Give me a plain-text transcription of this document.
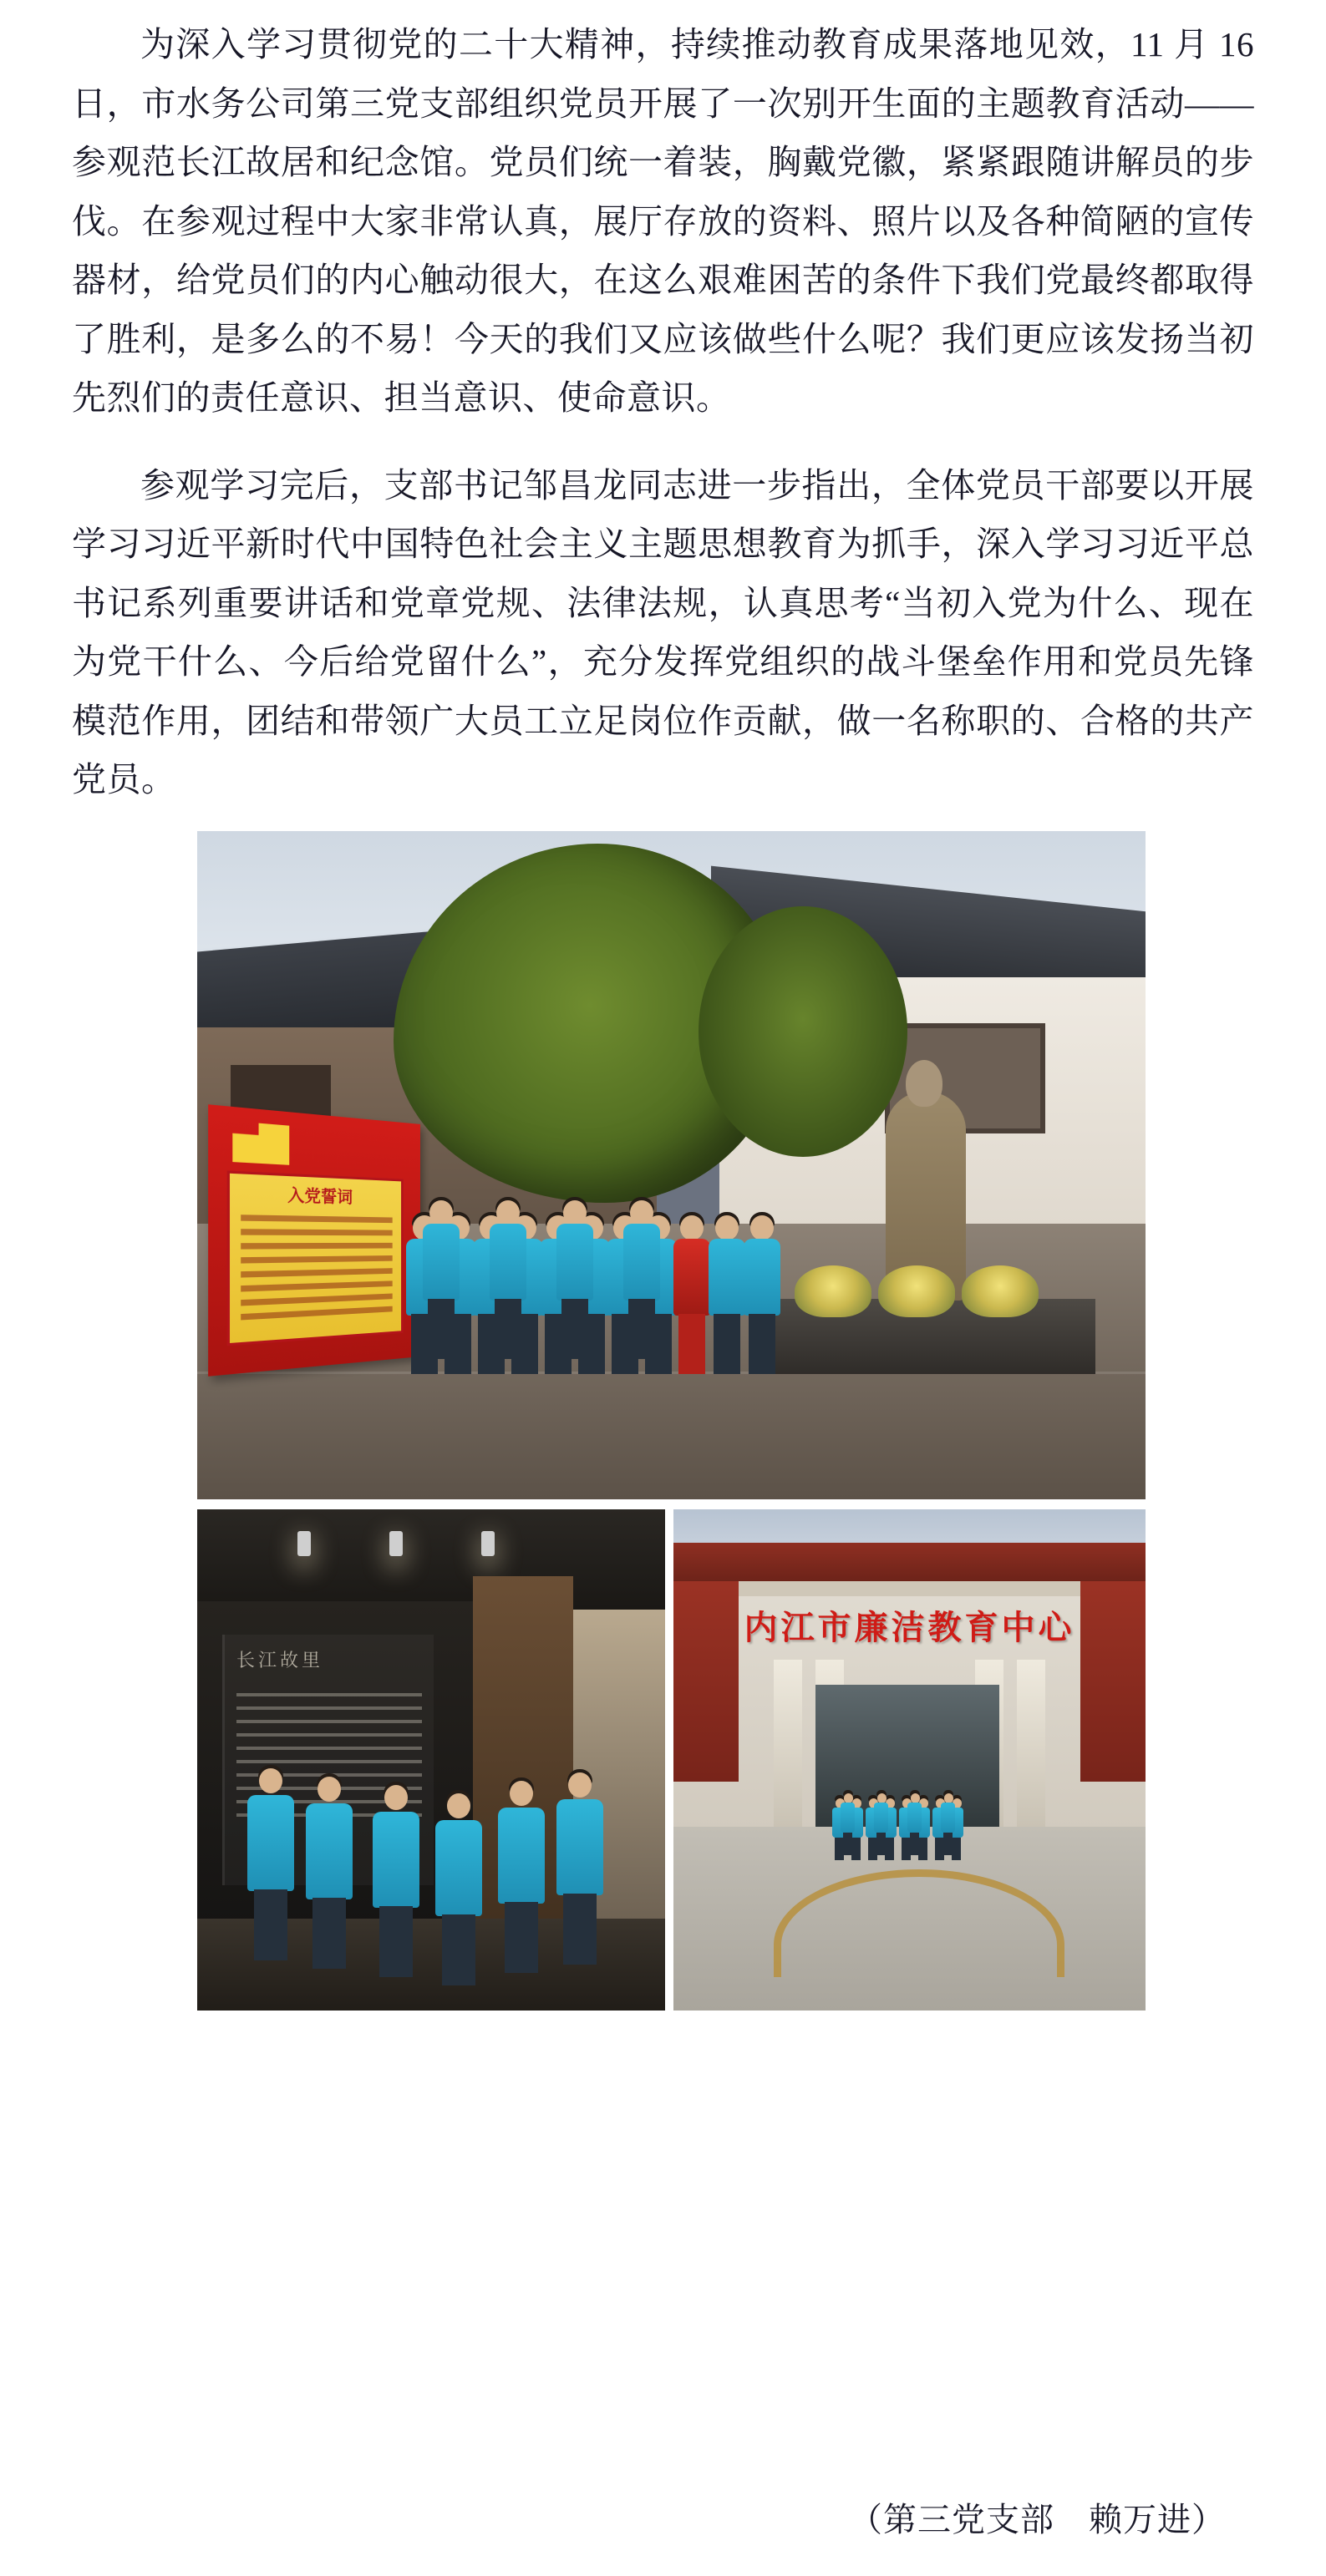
为深入学习贯彻党的二十大精神，持续推动教育成果落地见效，11 月 16 日，市水务公司第三党支部组织党员开展了一次别开生面的主题教育活动——参观范长江故居和纪念馆。党员们统一着装，胸戴党徽，紧紧跟随讲解员的步伐。在参观过程中大家非常认真，展厅存放的资料、照片以及各种简陋的宣传器材，给党员们的内心触动很大，在这么艰难困苦的条件下我们党最终都取得了胜利，是多么的不易！今天的我们又应该做些什么呢？我们更应该发扬当初先烈们的责任意识、担当意识、使命意识。

参观学习完后，支部书记邹昌龙同志进一步指出，全体党员干部要以开展学习习近平新时代中国特色社会主义主题思想教育为抓手，深入学习习近平总书记系列重要讲话和党章党规、法律法规，认真思考“当初入党为什么、现在为党干什么、今后给党留什么”，充分发挥党组织的战斗堡垒作用和党员先锋模范作用，团结和带领广大员工立足岗位作贡献，做一名称职的、合格的共产党员。

入党誓词
长江故里
内江市廉洁教育中心
（第三党支部　赖万进）
